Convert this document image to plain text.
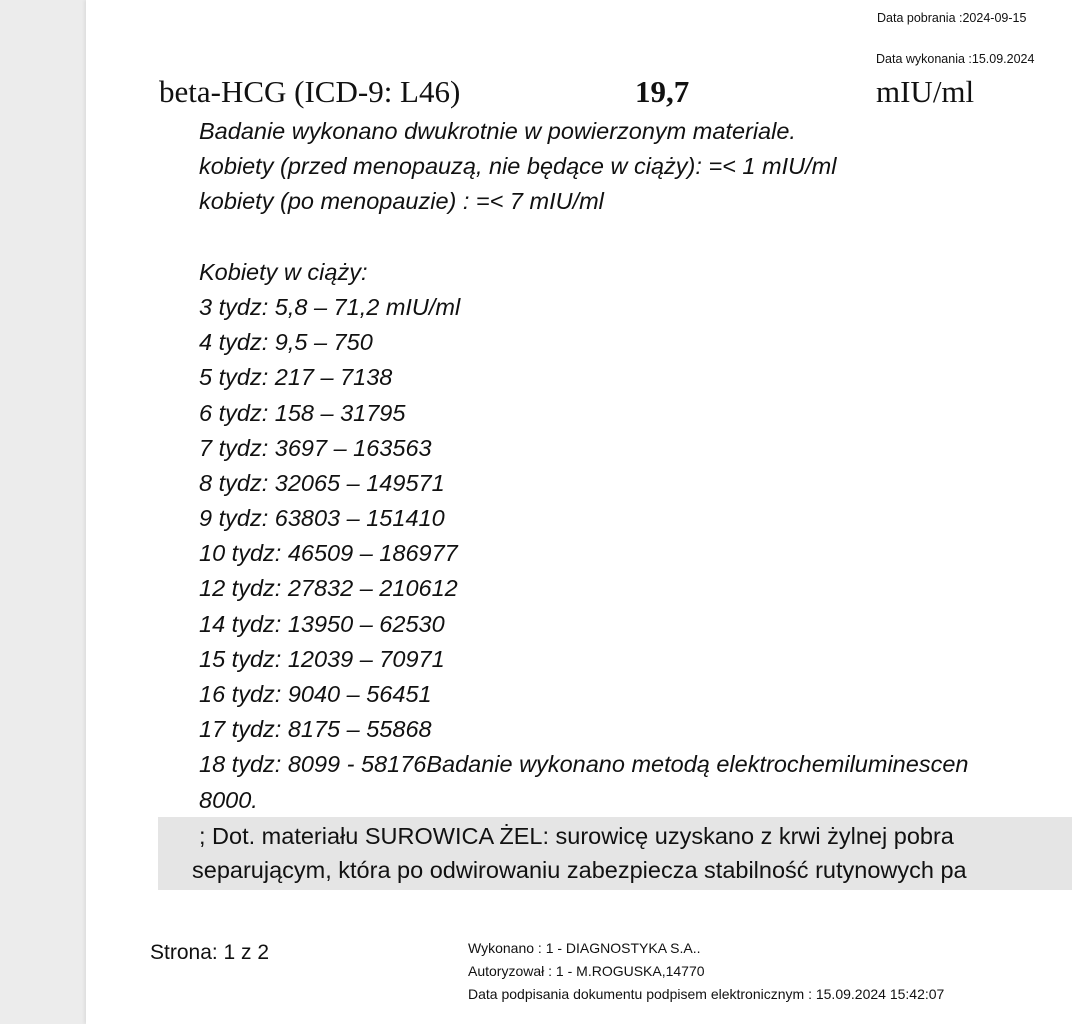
Data pobrania :2024-09-15
Data wykonania :15.09.2024
beta-HCG (ICD-9: L46)	19,7	mIU/ml
Badanie wykonano dwukrotnie w powierzonym materiale.
kobiety (przed menopauzą, nie będące w ciąży): =< 1 mIU/ml
kobiety (po menopauzie) : =< 7 mIU/ml
Kobiety w ciąży:
3 tydz: 5,8 – 71,2 mIU/ml
4 tydz: 9,5 – 750
5 tydz: 217 – 7138
6 tydz: 158 – 31795
7 tydz: 3697 – 163563
8 tydz: 32065 – 149571
9 tydz: 63803 – 151410
10 tydz: 46509 – 186977
12 tydz: 27832 – 210612
14 tydz: 13950 – 62530
15 tydz: 12039 – 70971
16 tydz: 9040 – 56451
17 tydz: 8175 – 55868
18 tydz: 8099 - 58176Badanie wykonano metodą elektrochemiluminescen
8000.
; Dot. materiału SUROWICA ŻEL: surowicę uzyskano z krwi żylnej pobra
separującym, która po odwirowaniu zabezpiecza stabilność rutynowych pa
Strona: 1 z 2	Wykonano : 1 - DIAGNOSTYKA S.A..
Autoryzował : 1 - M.ROGUSKA,14770
Data podpisania dokumentu podpisem elektronicznym : 15.09.2024 15:42:07
